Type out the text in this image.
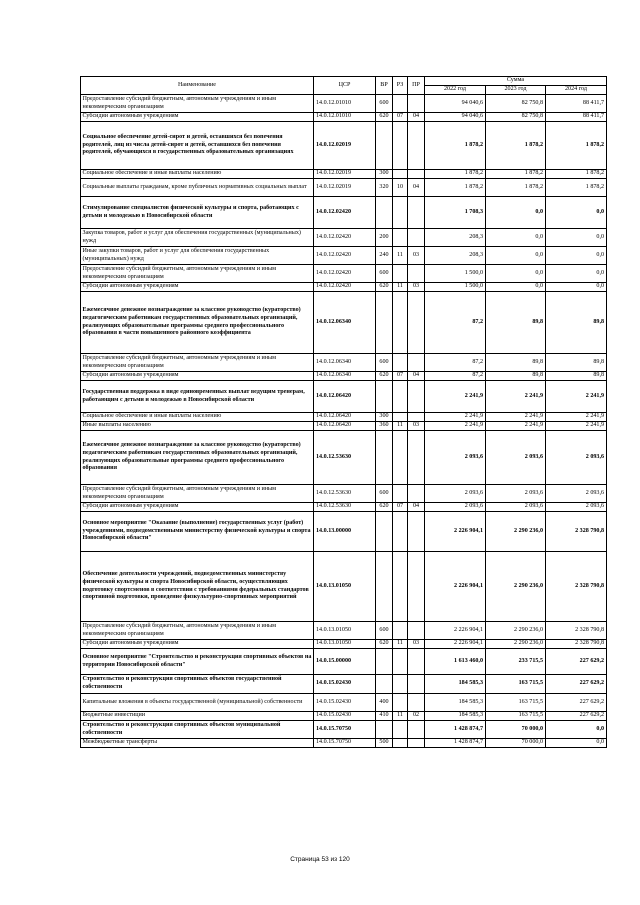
Наименование	ЦСР	ВР	РЗ	ПР	Сумма		
					2022 год	2023 год	2024 год
Предоставление субсидий бюджетным, автономным учреждениям и иным некоммерческим организациям	14.0.12.01010	600			94 040,6	82 750,8	88 411,7
Субсидии автономным учреждениям	14.0.12.01010	620	07	04	94 040,6	82 750,8	88 411,7
Социальное обеспечение детей-сирот и детей, оставшихся без попечения родителей, лиц из числа детей-сирот и детей, оставшихся без попечения родителей, обучающихся в государственных образовательных организациях	14.0.12.02019				1 878,2	1 878,2	1 878,2
Социальное обеспечение и иные выплаты населению	14.0.12.02019	300			1 878,2	1 878,2	1 878,2
Социальные выплаты гражданам, кроме публичных нормативных социальных выплат	14.0.12.02019	320	10	04	1 878,2	1 878,2	1 878,2
Стимулирование специалистов физической культуры и спорта, работающих с детьми и молодежью в Новосибирской области	14.0.12.02420				1 708,3	0,0	0,0
Закупка товаров, работ и услуг для обеспечения государственных (муниципальных) нужд	14.0.12.02420	200			208,3	0,0	0,0
Иные закупки товаров, работ и услуг для обеспечения государственных (муниципальных) нужд	14.0.12.02420	240	11	03	208,3	0,0	0,0
Предоставление субсидий бюджетным, автономным учреждениям и иным некоммерческим организациям	14.0.12.02420	600			1 500,0	0,0	0,0
Субсидии автономным учреждениям	14.0.12.02420	620	11	03	1 500,0	0,0	0,0
Ежемесячное денежное вознаграждение за классное руководство (кураторство) педагогическим работникам государственных образовательных организаций, реализующих образовательные программы среднего профессионального образования в части повышенного районного коэффициента	14.0.12.06340				87,2	89,8	89,8
Предоставление субсидий бюджетным, автономным учреждениям и иным некоммерческим организациям	14.0.12.06340	600			87,2	89,8	89,8
Субсидии автономным учреждениям	14.0.12.06340	620	07	04	87,2	89,8	89,8
Государственная поддержка в виде единовременных выплат ведущим тренерам, работающим с детьми и молодежью в Новосибирской области	14.0.12.06420				2 241,9	2 241,9	2 241,9
Социальное обеспечение и иные выплаты населению	14.0.12.06420	300			2 241,9	2 241,9	2 241,9
Иные выплаты населению	14.0.12.06420	360	11	03	2 241,9	2 241,9	2 241,9
Ежемесячное денежное вознаграждение за классное руководство (кураторство) педагогическим работникам государственных образовательных организаций, реализующих образовательные программы среднего профессионального образования	14.0.12.53630				2 093,6	2 093,6	2 093,6
Предоставление субсидий бюджетным, автономным учреждениям и иным некоммерческим организациям	14.0.12.53630	600			2 093,6	2 093,6	2 093,6
Субсидии автономным учреждениям	14.0.12.53630	620	07	04	2 093,6	2 093,6	2 093,6
Основное мероприятие "Оказание (выполнение) государственных услуг (работ) учреждениями, подведомственными министерству физической культуры и спорта Новосибирской области"	14.0.13.00000				2 226 904,1	2 290 236,0	2 328 790,8
Обеспечение деятельности учреждений, подведомственных министерству физической культуры и спорта Новосибирской области, осуществляющих подготовку спортсменов в соответствии с требованиями федеральных стандартов спортивной подготовки, проведение физкультурно-спортивных мероприятий	14.0.13.01050				2 226 904,1	2 290 236,0	2 328 790,8
Предоставление субсидий бюджетным, автономным учреждениям и иным некоммерческим организациям	14.0.13.01050	600			2 226 904,1	2 290 236,0	2 328 790,8
Субсидии автономным учреждениям	14.0.13.01050	620	11	03	2 226 904,1	2 290 236,0	2 328 790,8
Основное мероприятие "Строительство и реконструкция спортивных объектов на территории Новосибирской области"	14.0.15.00000				1 613 460,0	233 715,5	227 629,2
Строительство и реконструкция спортивных объектов государственной собственности	14.0.15.02430				184 585,3	163 715,5	227 629,2
Капитальные вложения в объекты государственной (муниципальной) собственности	14.0.15.02430	400			184 585,3	163 715,5	227 629,2
Бюджетные инвестиции	14.0.15.02430	410	11	02	184 585,3	163 715,5	227 629,2
Строительство и реконструкция спортивных объектов муниципальной собственности	14.0.15.70750				1 428 874,7	70 000,0	0,0
Межбюджетные трансферты	14.0.15.70750	500			1 428 874,7	70 000,0	0,0
Страница 53 из 120
